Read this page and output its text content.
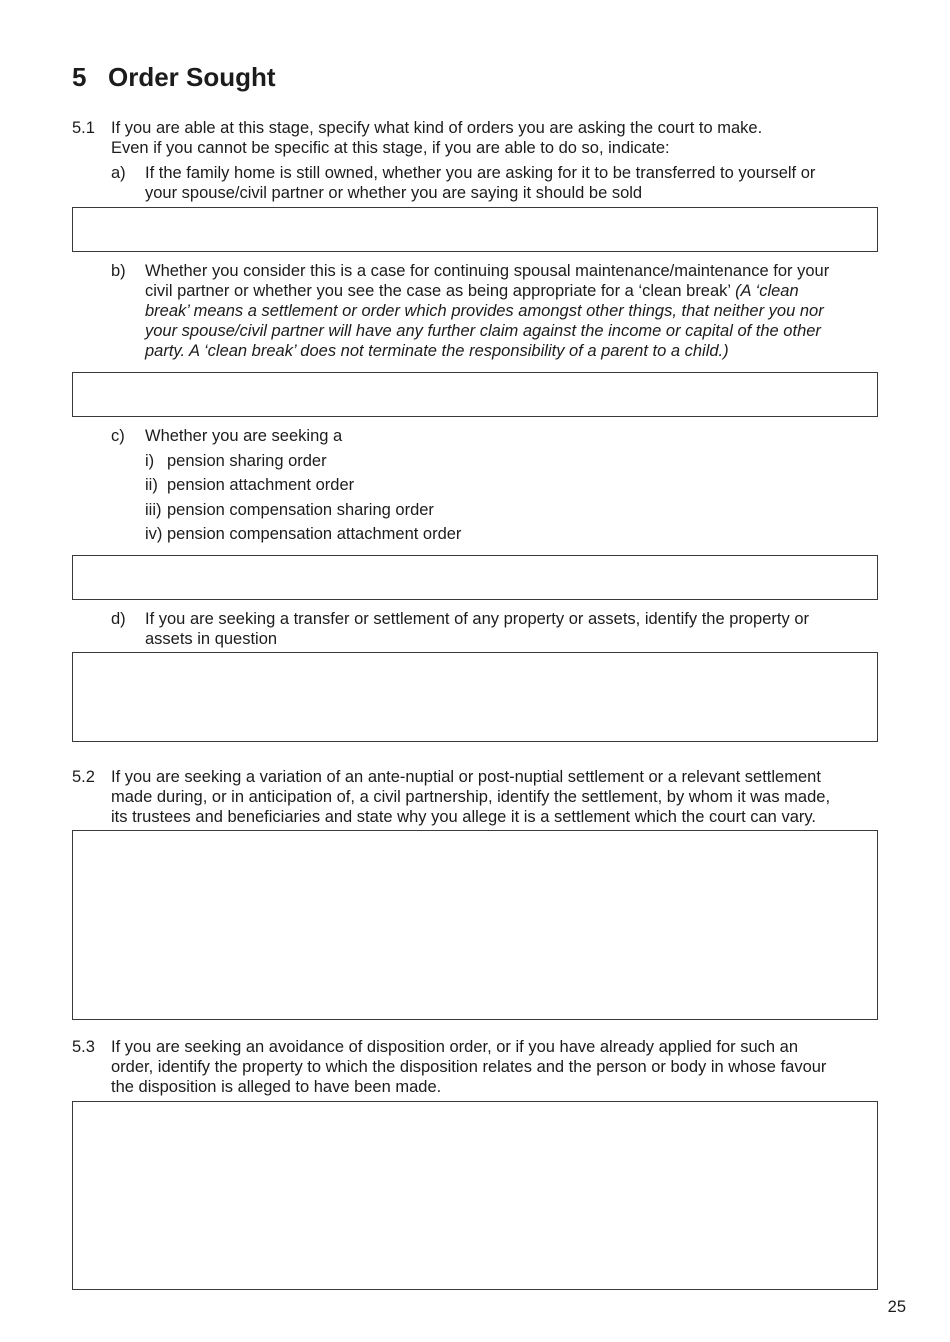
5 Order Sought
5.1 If you are able at this stage, specify what kind of orders you are asking the court to make.
Even if you cannot be specific at this stage, if you are able to do so, indicate:
a) If the family home is still owned, whether you are asking for it to be transferred to yourself or
your spouse/civil partner or whether you are saying it should be sold
b) Whether you consider this is a case for continuing spousal maintenance/maintenance for your
civil partner or whether you see the case as being appropriate for a ‘clean break’ (A ‘clean
break’ means a settlement or order which provides amongst other things, that neither you nor
your spouse/civil partner will have any further claim against the income or capital of the other
party. A ‘clean break’ does not terminate the responsibility of a parent to a child.)
c) Whether you are seeking a
i) pension sharing order
ii) pension attachment order
iii) pension compensation sharing order
iv) pension compensation attachment order
d) If you are seeking a transfer or settlement of any property or assets, identify the property or
assets in question
5.2 If you are seeking a variation of an ante-nuptial or post-nuptial settlement or a relevant settlement
made during, or in anticipation of, a civil partnership, identify the settlement, by whom it was made,
its trustees and beneficiaries and state why you allege it is a settlement which the court can vary.
5.3 If you are seeking an avoidance of disposition order, or if you have already applied for such an
order, identify the property to which the disposition relates and the person or body in whose favour
the disposition is alleged to have been made.
25
